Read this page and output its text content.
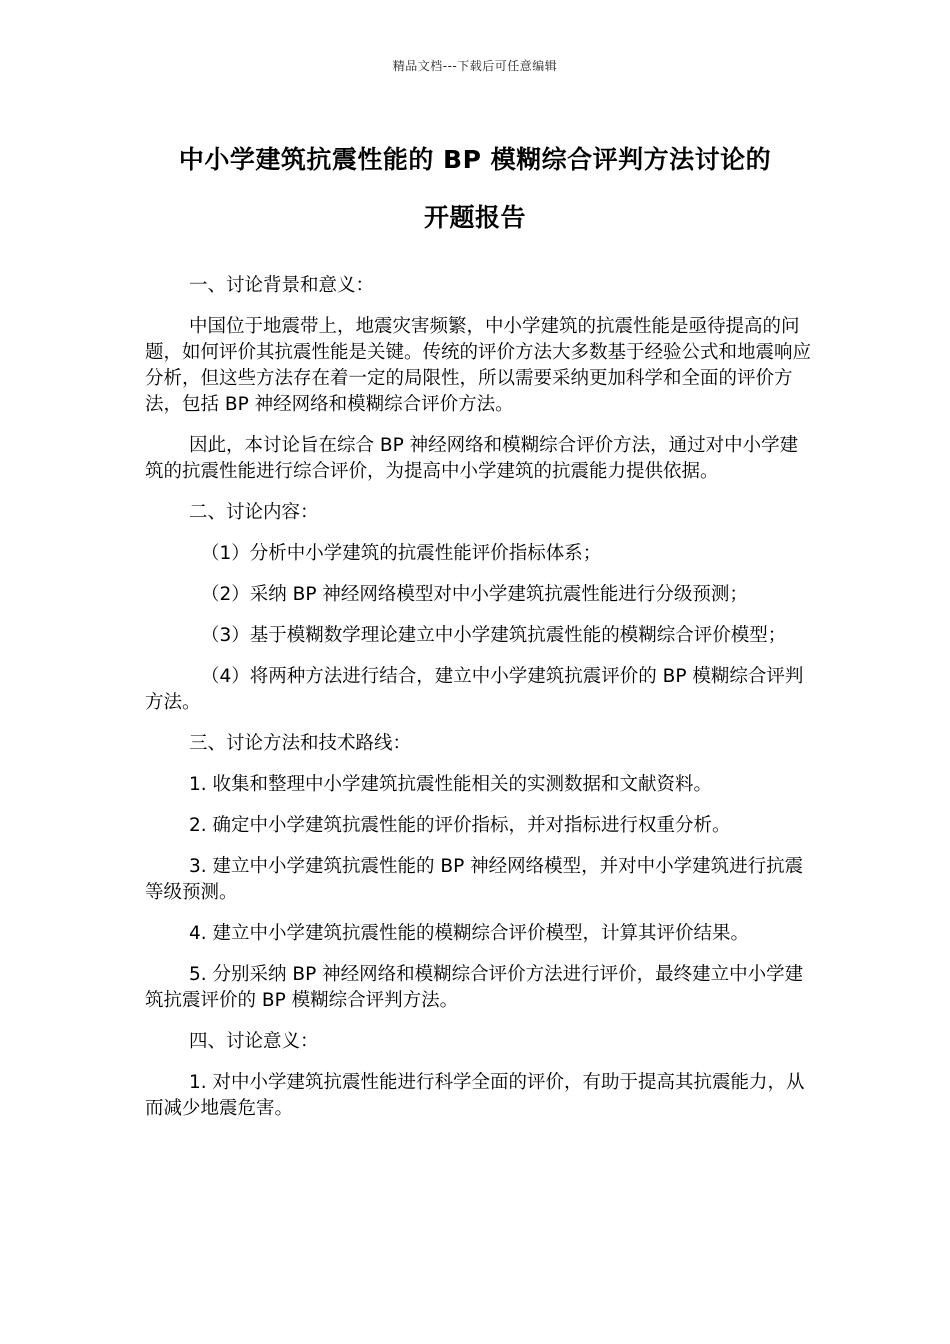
精品文档---下载后可任意编辑
中小学建筑抗震性能的 BP 模糊综合评判方法讨论的
开题报告

一、讨论背景和意义：

中国位于地震带上，地震灾害频繁，中小学建筑的抗震性能是亟待提高的问题，如何评价其抗震性能是关键。传统的评价方法大多数基于经验公式和地震响应分析，但这些方法存在着一定的局限性，所以需要采纳更加科学和全面的评价方法，包括 BP 神经网络和模糊综合评价方法。

因此，本讨论旨在综合 BP 神经网络和模糊综合评价方法，通过对中小学建筑的抗震性能进行综合评价，为提高中小学建筑的抗震能力提供依据。

二、讨论内容：

（1）分析中小学建筑的抗震性能评价指标体系；

（2）采纳 BP 神经网络模型对中小学建筑抗震性能进行分级预测；

（3）基于模糊数学理论建立中小学建筑抗震性能的模糊综合评价模型；

（4）将两种方法进行结合，建立中小学建筑抗震评价的 BP 模糊综合评判方法。

三、讨论方法和技术路线：

1. 收集和整理中小学建筑抗震性能相关的实测数据和文献资料。

2. 确定中小学建筑抗震性能的评价指标，并对指标进行权重分析。

3. 建立中小学建筑抗震性能的 BP 神经网络模型，并对中小学建筑进行抗震等级预测。

4. 建立中小学建筑抗震性能的模糊综合评价模型，计算其评价结果。

5. 分别采纳 BP 神经网络和模糊综合评价方法进行评价，最终建立中小学建筑抗震评价的 BP 模糊综合评判方法。

四、讨论意义：

1. 对中小学建筑抗震性能进行科学全面的评价，有助于提高其抗震能力，从而减少地震危害。
